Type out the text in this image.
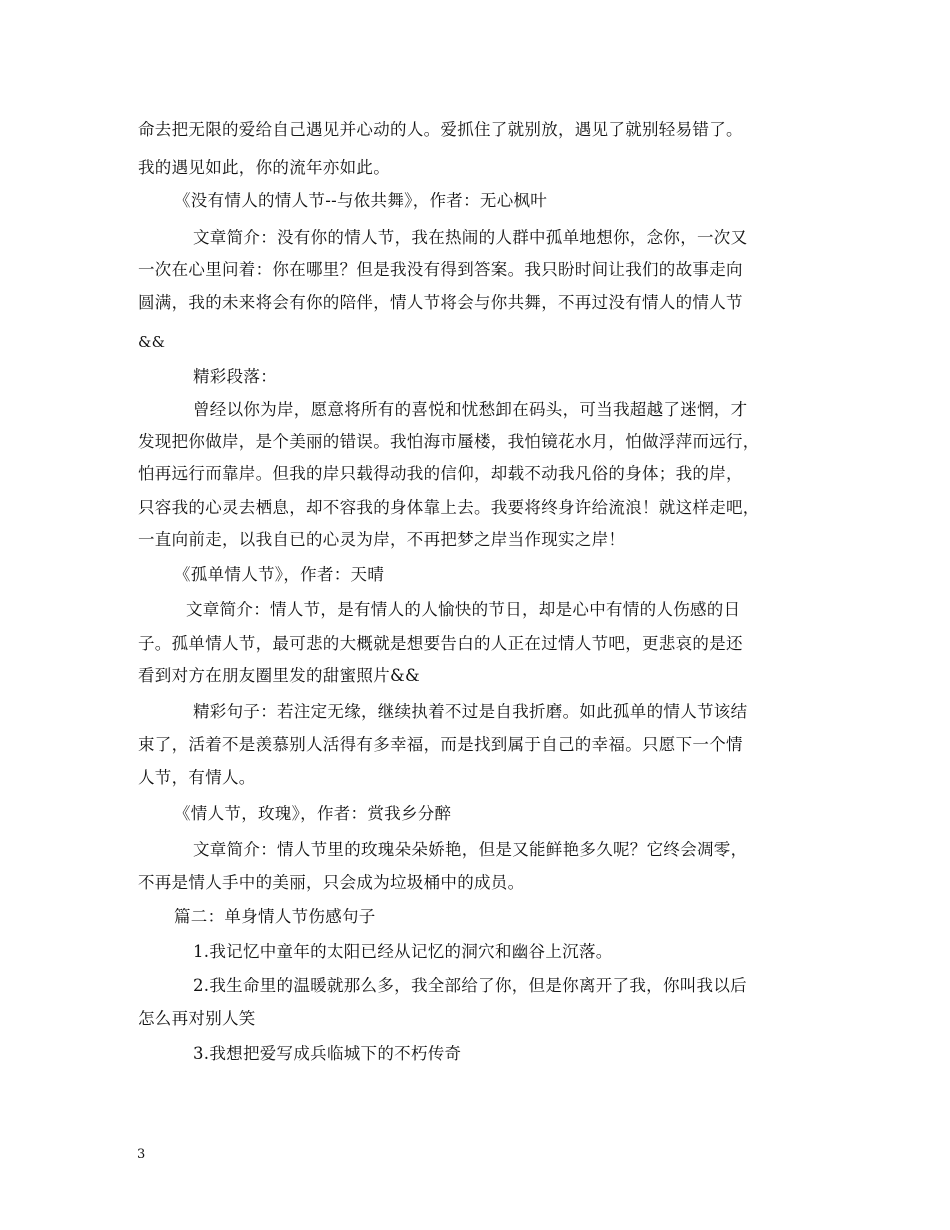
命去把无限的爱给自己遇见并心动的人。爱抓住了就别放，遇见了就别轻易错了。
我的遇见如此，你的流年亦如此。
《没有情人的情人节--与侬共舞》，作者：无心枫叶
文章简介：没有你的情人节，我在热闹的人群中孤单地想你，念你，一次又
一次在心里问着：你在哪里？但是我没有得到答案。我只盼时间让我们的故事走向
圆满，我的未来将会有你的陪伴，情人节将会与你共舞，不再过没有情人的情人节
&&
精彩段落：
曾经以你为岸，愿意将所有的喜悦和忧愁卸在码头，可当我超越了迷惘，才
发现把你做岸，是个美丽的错误。我怕海市蜃楼，我怕镜花水月，怕做浮萍而远行，
怕再远行而靠岸。但我的岸只载得动我的信仰，却载不动我凡俗的身体；我的岸，
只容我的心灵去栖息，却不容我的身体靠上去。我要将终身许给流浪！就这样走吧，
一直向前走，以我自已的心灵为岸，不再把梦之岸当作现实之岸！
《孤单情人节》，作者：天晴
文章简介：情人节，是有情人的人愉快的节日，却是心中有情的人伤感的日
子。孤单情人节，最可悲的大概就是想要告白的人正在过情人节吧，更悲哀的是还
看到对方在朋友圈里发的甜蜜照片&&
精彩句子：若注定无缘，继续执着不过是自我折磨。如此孤单的情人节该结
束了，活着不是羡慕别人活得有多幸福，而是找到属于自己的幸福。只愿下一个情
人节，有情人。
《情人节，玫瑰》，作者：赏我乡分醉
文章简介：情人节里的玫瑰朵朵娇艳，但是又能鲜艳多久呢？它终会凋零，
不再是情人手中的美丽，只会成为垃圾桶中的成员。
篇二：单身情人节伤感句子
1.我记忆中童年的太阳已经从记忆的洞穴和幽谷上沉落。
2.我生命里的温暖就那么多，我全部给了你，但是你离开了我，你叫我以后
怎么再对别人笑
3.我想把爱写成兵临城下的不朽传奇
3
